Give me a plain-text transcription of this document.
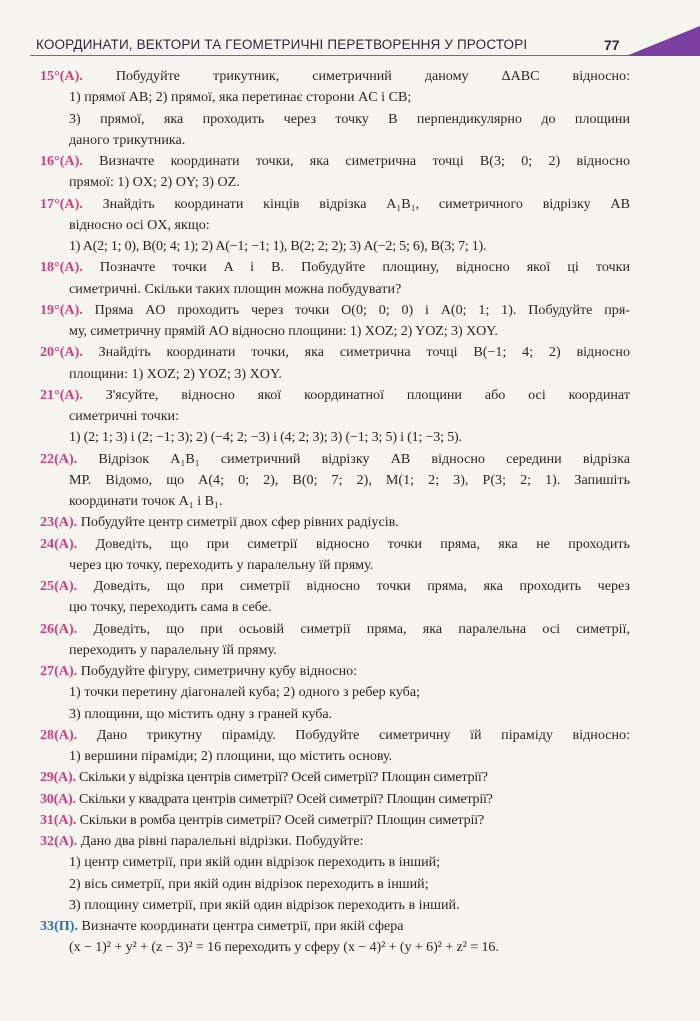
КООРДИНАТИ, ВЕКТОРИ ТА ГЕОМЕТРИЧНІ ПЕРЕТВОРЕННЯ У ПРОСТОРІ	77

15°(А). Побудуйте трикутник, симетричний даному ΔABC відносно:
1) прямої AB; 2) прямої, яка перетинає сторони AC і CB;
3) прямої, яка проходить через точку B перпендикулярно до площини
даного трикутника.

16°(А). Визначте координати точки, яка симетрична точці B(3; 0; 2) відносно
прямої: 1) OX; 2) OY; 3) OZ.

17°(А). Знайдіть координати кінців відрізка A₁B₁, симетричного відрізку AB
відносно осі OX, якщо:
1) A(2; 1; 0), B(0; 4; 1); 2) A(−1; −1; 1), B(2; 2; 2); 3) A(−2; 5; 6), B(3; 7; 1).

18°(А). Позначте точки A і B. Побудуйте площину, відносно якої ці точки
симетричні. Скільки таких площин можна побудувати?

19°(А). Пряма AO проходить через точки O(0; 0; 0) і A(0; 1; 1). Побудуйте пря-
му, симетричну прямій AO відносно площини: 1) XOZ; 2) YOZ; 3) XOY.

20°(А). Знайдіть координати точки, яка симетрична точці B(−1; 4; 2) відносно
площини: 1) XOZ; 2) YOZ; 3) XOY.

21°(А). З'ясуйте, відносно якої координатної площини або осі координат
симетричні точки:
1) (2; 1; 3) і (2; −1; 3); 2) (−4; 2; −3) і (4; 2; 3); 3) (−1; 3; 5) і (1; −3; 5).

22(А). Відрізок A₁B₁ симетричний відрізку AB відносно середини відрізка
MP. Відомо, що A(4; 0; 2), B(0; 7; 2), M(1; 2; 3), P(3; 2; 1). Запишіть
координати точок A₁ і B₁.

23(А). Побудуйте центр симетрії двох сфер рівних радіусів.

24(А). Доведіть, що при симетрії відносно точки пряма, яка не проходить
через цю точку, переходить у паралельну їй пряму.

25(А). Доведіть, що при симетрії відносно точки пряма, яка проходить через
цю точку, переходить сама в себе.

26(А). Доведіть, що при осьовій симетрії пряма, яка паралельна осі симетрії,
переходить у паралельну їй пряму.

27(А). Побудуйте фігуру, симетричну кубу відносно:
1) точки перетину діагоналей куба; 2) одного з ребер куба;
3) площини, що містить одну з граней куба.

28(А). Дано трикутну піраміду. Побудуйте симетричну їй піраміду відносно:
1) вершини піраміди; 2) площини, що містить основу.

29(А). Скільки у відрізка центрів симетрії? Осей симетрії? Площин симетрії?

30(А). Скільки у квадрата центрів симетрії? Осей симетрії? Площин симетрії?

31(А). Скільки в ромба центрів симетрії? Осей симетрії? Площин симетрії?

32(А). Дано два рівні паралельні відрізки. Побудуйте:
1) центр симетрії, при якій один відрізок переходить в інший;
2) вісь симетрії, при якій один відрізок переходить в інший;
3) площину симетрії, при якій один відрізок переходить в інший.

33(П). Визначте координати центра симетрії, при якій сфера
(x − 1)² + y² + (z − 3)² = 16 переходить у сферу (x − 4)² + (y + 6)² + z² = 16.
